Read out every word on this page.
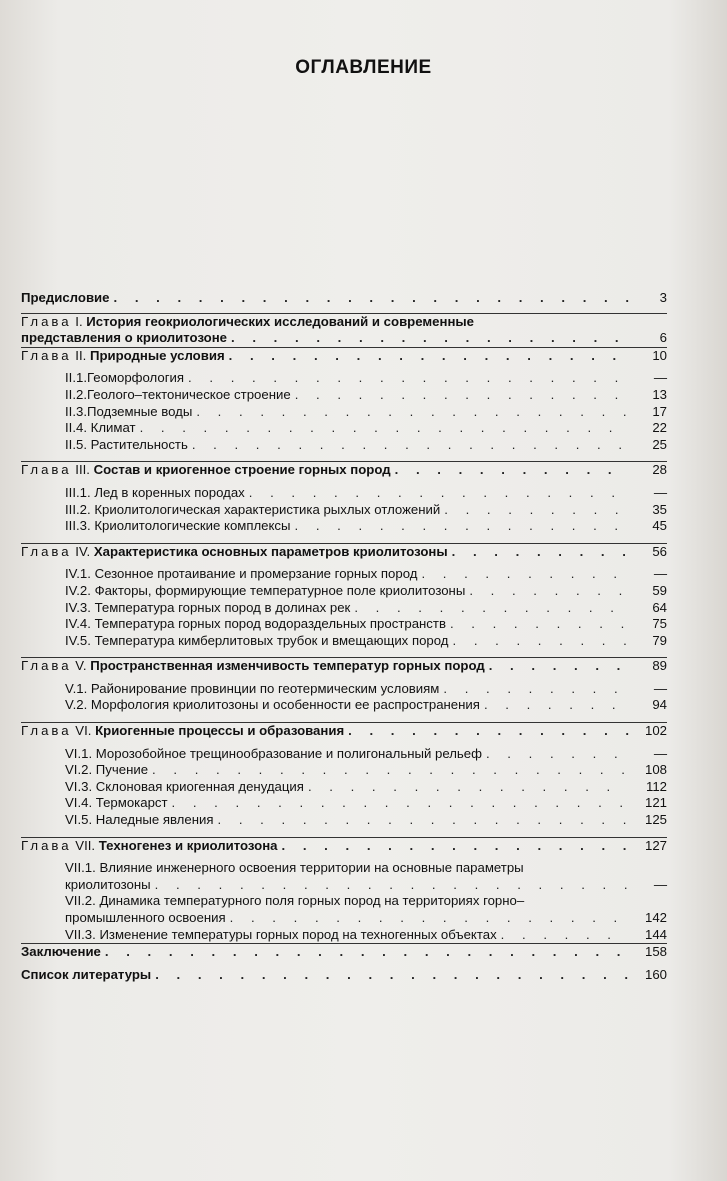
ОГЛАВЛЕНИЕ
Предисловие . . .	3
Глава I. История геокриологических исследований и современные
представления о криолитозоне . . .	6
Глава II. Природные условия . . .	10
II.1.Геоморфология . . .	—
II.2.Геолого–тектоническое строение . . .	13
II.3.Подземные воды . . .	17
II.4. Климат . . .	22
II.5. Растительность . . .	25
Глава III. Состав и криогенное строение горных пород . . .	28
III.1. Лед в коренных породах . . .	—
III.2. Криолитологическая характеристика рыхлых отложений . . .	35
III.3. Криолитологические комплексы . . .	45
Глава IV. Характеристика основных параметров криолитозоны . . .	56
IV.1. Сезонное протаивание и промерзание горных пород . . .	—
IV.2. Факторы, формирующие температурное поле криолитозоны . . .	59
IV.3. Температура горных пород в долинах рек . . .	64
IV.4. Температура горных пород водораздельных пространств . . .	75
IV.5. Температура кимберлитовых трубок и вмещающих пород . . .	79
Глава V. Пространственная изменчивость температур горных пород . . .	89
V.1. Районирование провинции по геотермическим условиям . . .	—
V.2. Морфология криолитозоны и особенности ее распространения . . .	94
Глава VI. Криогенные процессы и образования . . .	102
VI.1. Морозобойное трещинообразование и полигональный рельеф . . .	—
VI.2. Пучение . . .	108
VI.3. Склоновая криогенная денудация . . .	112
VI.4. Термокарст . . .	121
VI.5. Наледные явления . . .	125
Глава VII. Техногенез и криолитозона . . .	127
VII.1. Влияние инженерного освоения территории на основные параметры
криолитозоны . . .	—
VII.2. Динамика температурного поля горных пород на территориях горно–
промышленного освоения . . .	142
VII.3. Изменение температуры горных пород на техногенных объектах . . .	144
Заключение . . .	158
Список литературы . . .	160
